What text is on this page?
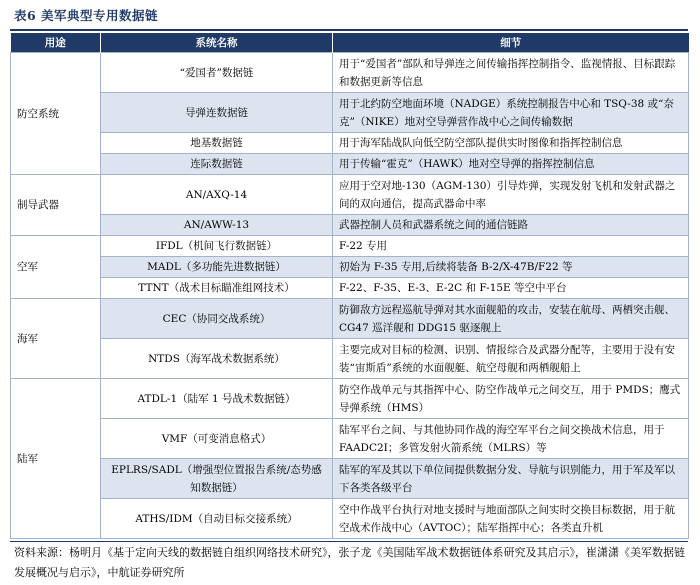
表6 美军典型专用数据链
用途	系统名称	细节
防空系统	“爱国者”数据链	用于“爱国者”部队和导弹连之间传输指挥控制指令、监视情报、目标跟踪和数据更新等信息
	导弹连数据链	用于北约防空地面环境（NADGE）系统控制报告中心和 TSQ-38 或“奈克”（NIKE）地对空导弹营作战中心之间传输数据
	地基数据链	用于海军陆战队向低空防空部队提供实时图像和指挥控制信息
	连际数据链	用于传输“霍克”（HAWK）地对空导弹的指挥控制信息
制导武器	AN/AXQ-14	应用于空对地-130（AGM-130）引导炸弹，实现发射飞机和发射武器之间的双向通信，提高武器命中率
	AN/AWW-13	武器控制人员和武器系统之间的通信链路
空军	IFDL（机间飞行数据链）	F-22 专用
	MADL（多功能先进数据链）	初始为 F-35 专用,后续将装备 B-2/X-47B/F22 等
	TTNT（战术目标瞄准组网技术）	F-22、F-35、E-3、E-2C 和 F-15E 等空中平台
海军	CEC（协同交战系统）	防御敌方远程巡航导弹对其水面舰船的攻击，安装在航母、两栖突击舰、CG47 巡洋舰和 DDG15 驱逐舰上
	NTDS（海军战术数据系统）	主要完成对目标的检测、识别、情报综合及武器分配等，主要用于没有安装“宙斯盾”系统的水面舰艇、航空母舰和两栖舰船上
陆军	ATDL-1（陆军 1 号战术数据链）	防空作战单元与其指挥中心、防空作战单元之间交互，用于 PMDS；鹰式导弹系统（HMS）
	VMF（可变消息格式）	陆军平台之间、与其他协同作战的海空军平台之间交换战术信息，用于 FAADC2I；多管发射火箭系统（MLRS）等
	EPLRS/SADL（增强型位置报告系统/态势感知数据链）	陆军的军及其以下单位间提供数据分发、导航与识别能力，用于军及军以下各类各级平台
	ATHS/IDM（自动目标交接系统）	空中作战平台执行对地支援时与地面部队之间实时交换目标数据，用于航空战术作战中心（AVTOC）；陆军指挥中心；各类直升机
资料来源：杨明月《基于定向天线的数据链自组织网络技术研究》，张子龙《美国陆军战术数据链体系研究及其启示》，崔潇潇《美军数据链发展概况与启示》，中航证券研究所
